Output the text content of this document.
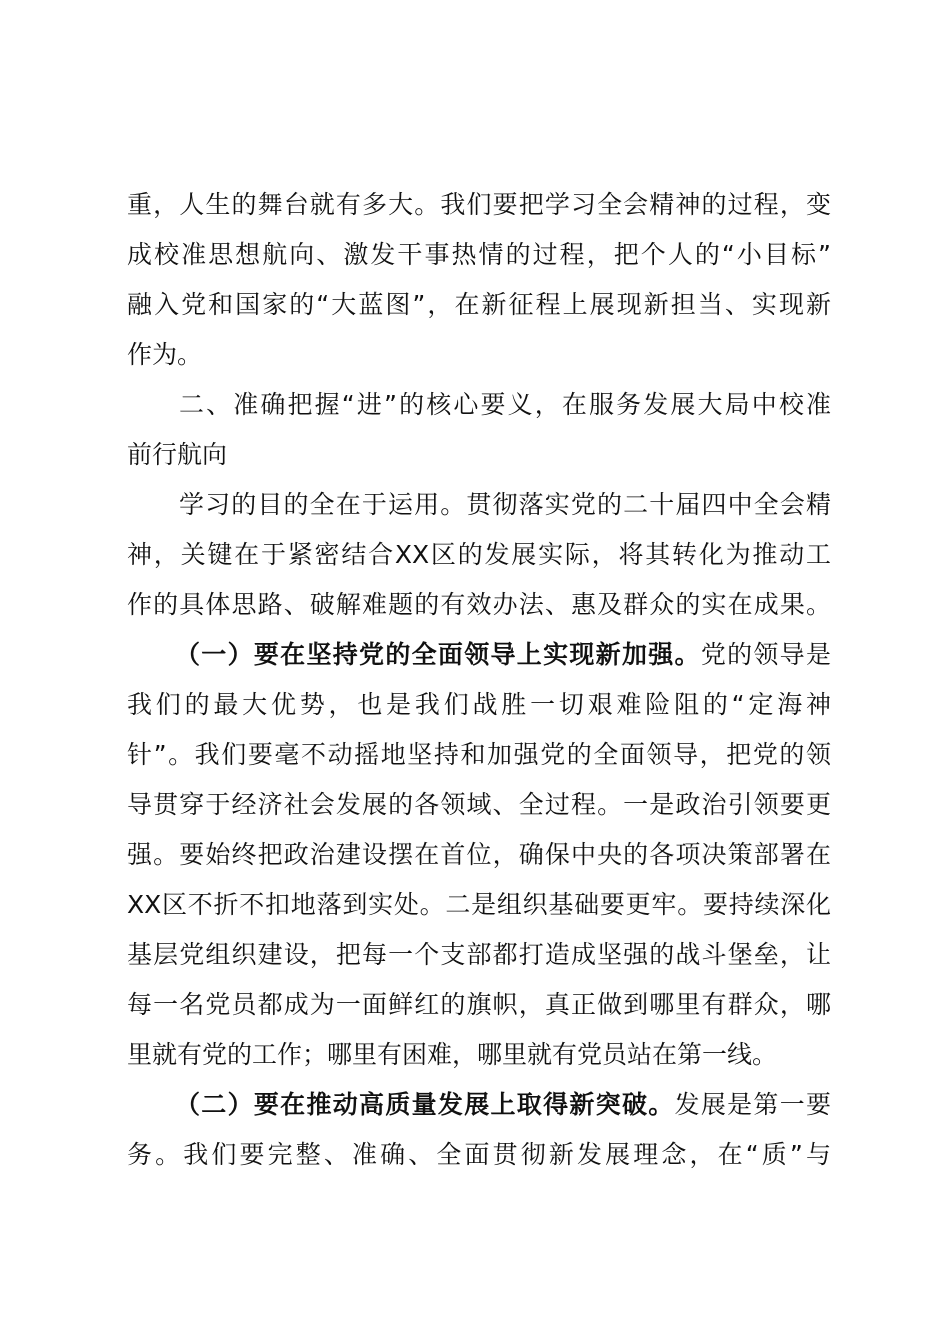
重，人生的舞台就有多大。我们要把学习全会精神的过程，变
成校准思想航向、激发干事热情的过程，把个人的“小目标”
融入党和国家的“大蓝图”，在新征程上展现新担当、实现新
作为。
二、准确把握“进”的核心要义，在服务发展大局中校准
前行航向
学习的目的全在于运用。贯彻落实党的二十届四中全会精
神，关键在于紧密结合XX区的发展实际，将其转化为推动工
作的具体思路、破解难题的有效办法、惠及群众的实在成果。
（一）要在坚持党的全面领导上实现新加强。党的领导是
我们的最大优势，也是我们战胜一切艰难险阻的“定海神
针”。我们要毫不动摇地坚持和加强党的全面领导，把党的领
导贯穿于经济社会发展的各领域、全过程。一是政治引领要更
强。要始终把政治建设摆在首位，确保中央的各项决策部署在
XX区不折不扣地落到实处。二是组织基础要更牢。要持续深化
基层党组织建设，把每一个支部都打造成坚强的战斗堡垒，让
每一名党员都成为一面鲜红的旗帜，真正做到哪里有群众，哪
里就有党的工作；哪里有困难，哪里就有党员站在第一线。
（二）要在推动高质量发展上取得新突破。发展是第一要
务。我们要完整、准确、全面贯彻新发展理念，在“质”与
